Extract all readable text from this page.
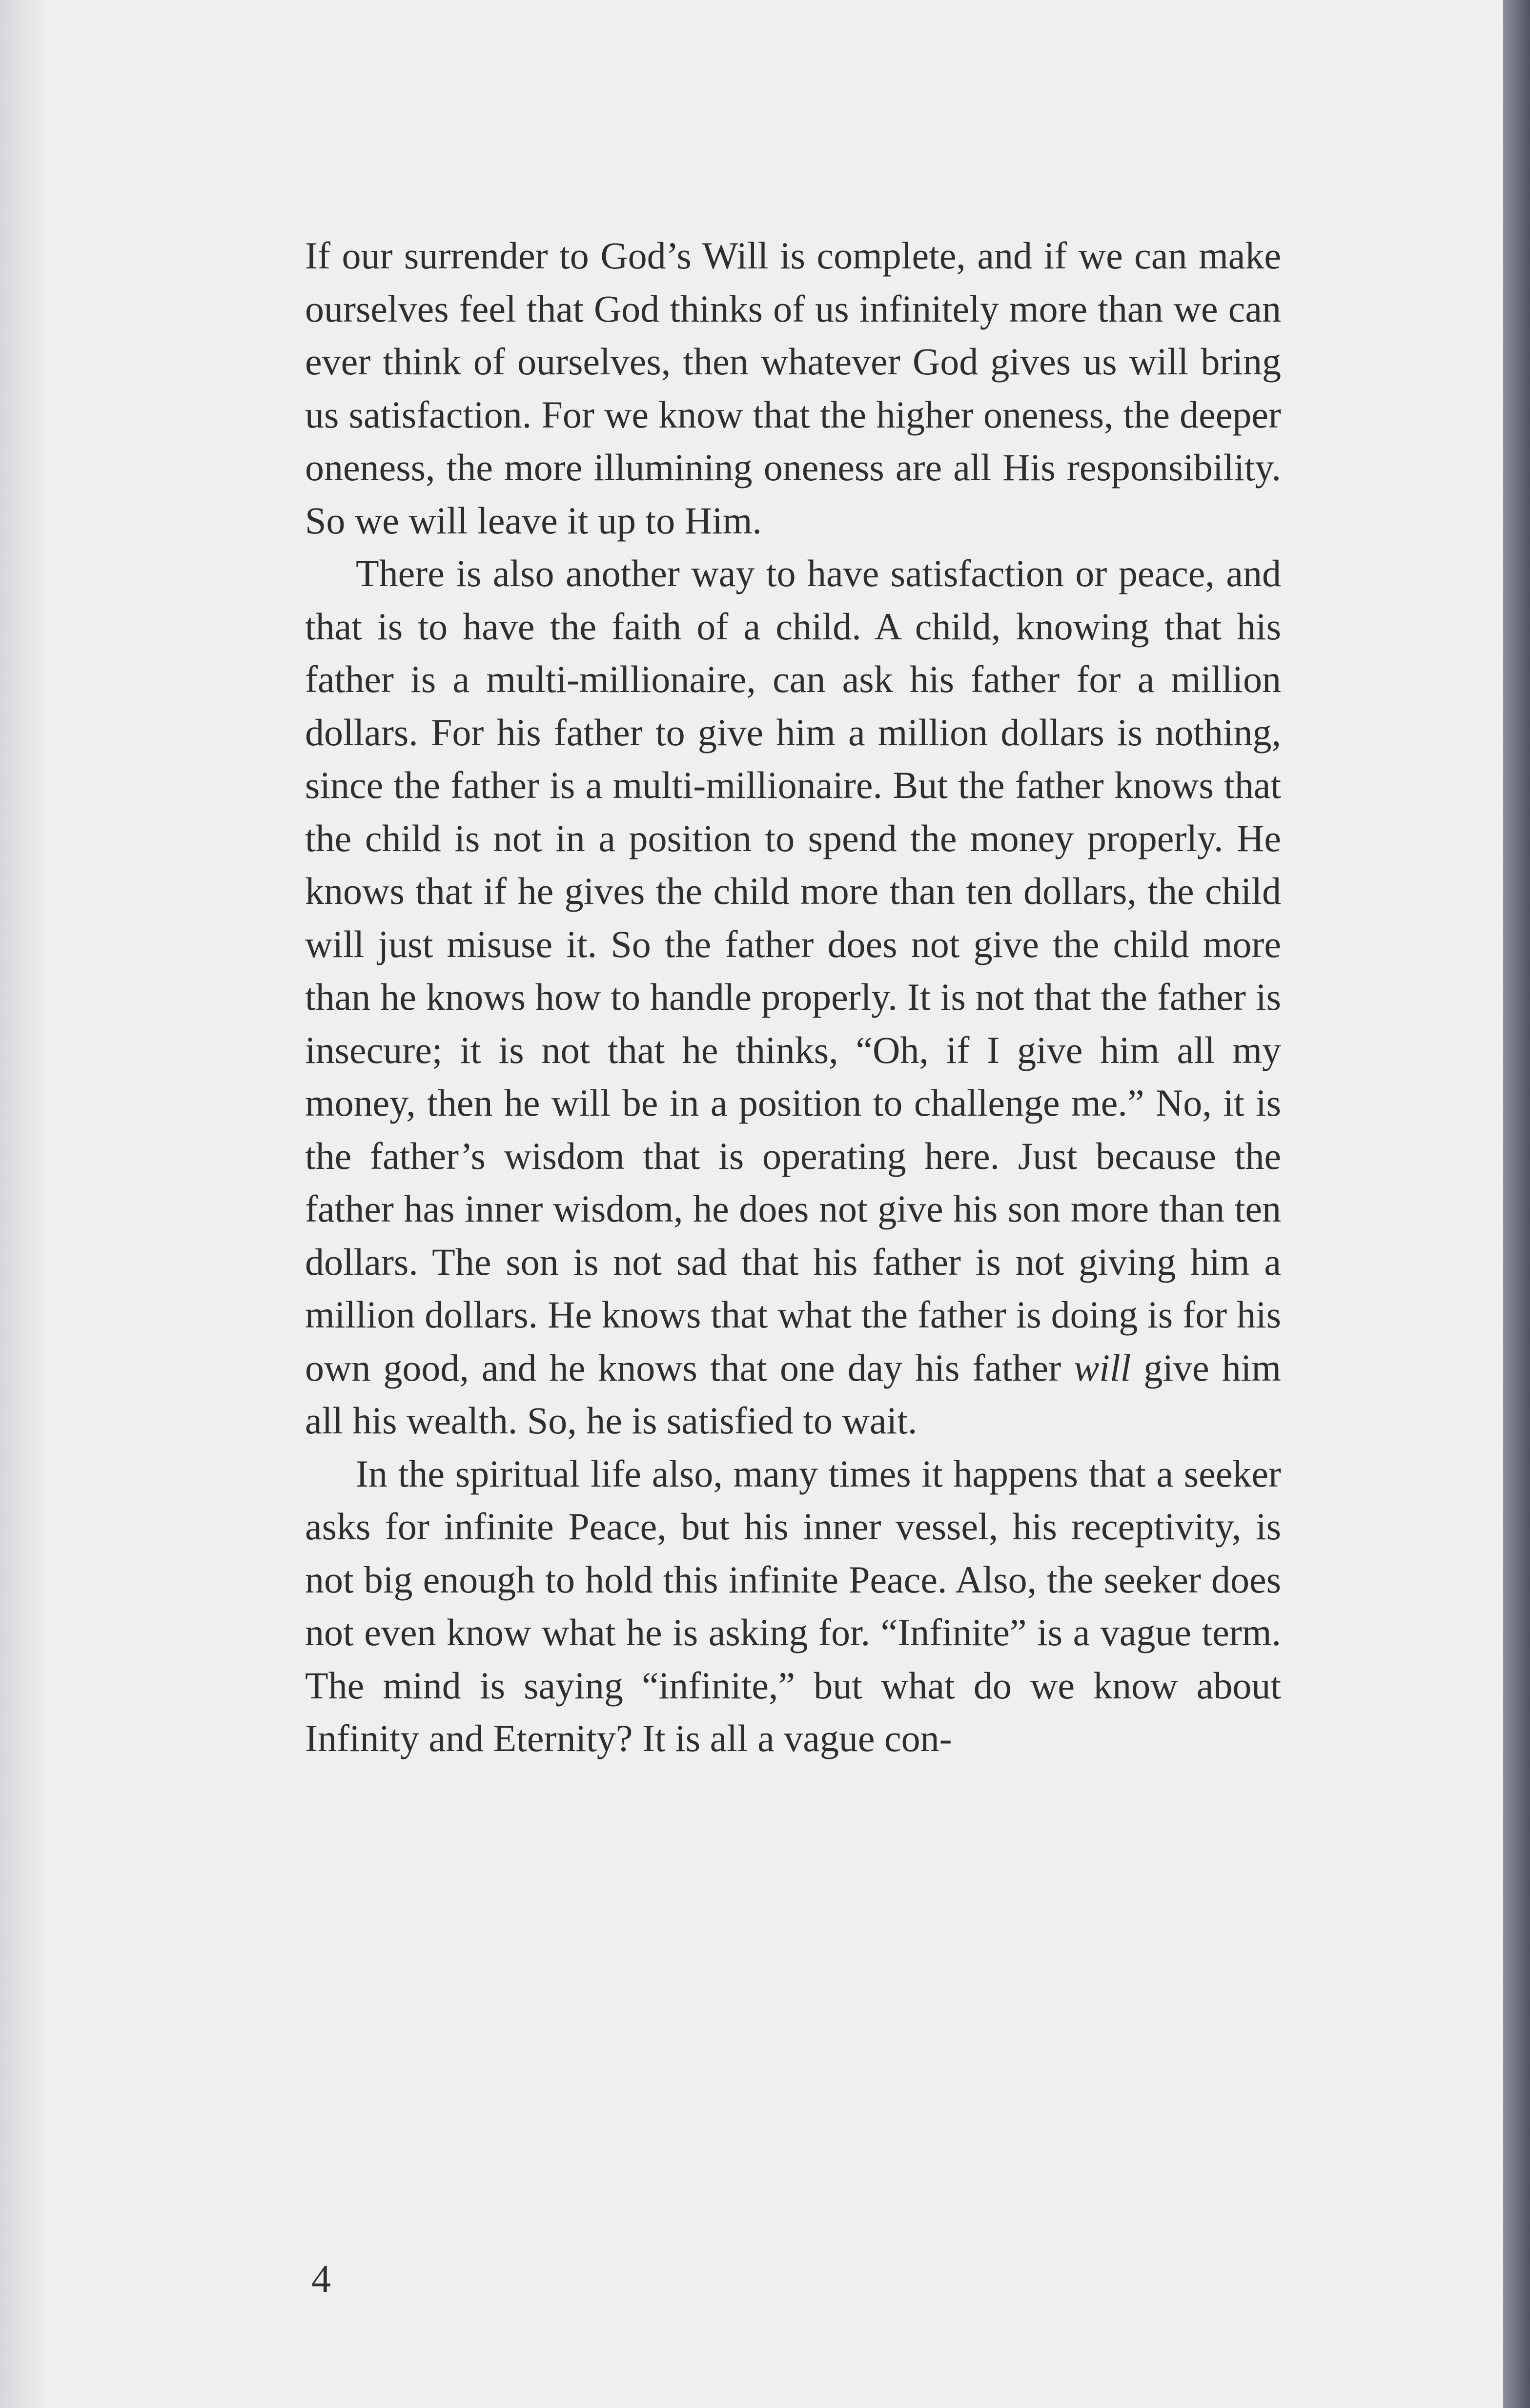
If our surrender to God’s Will is complete, and if we can make ourselves feel that God thinks of us infinitely more than we can ever think of ourselves, then whatever God gives us will bring us satisfaction. For we know that the higher oneness, the deeper oneness, the more illumining oneness are all His responsibility. So we will leave it up to Him.

There is also another way to have satisfaction or peace, and that is to have the faith of a child. A child, knowing that his father is a multi-millionaire, can ask his father for a million dollars. For his father to give him a million dollars is nothing, since the father is a multi-millionaire. But the father knows that the child is not in a position to spend the money properly. He knows that if he gives the child more than ten dollars, the child will just misuse it. So the father does not give the child more than he knows how to handle properly. It is not that the father is insecure; it is not that he thinks, “Oh, if I give him all my money, then he will be in a position to challenge me.” No, it is the father’s wisdom that is operating here. Just because the father has inner wisdom, he does not give his son more than ten dollars. The son is not sad that his father is not giving him a million dollars. He knows that what the father is doing is for his own good, and he knows that one day his father will give him all his wealth. So, he is satisfied to wait.

In the spiritual life also, many times it happens that a seeker asks for infinite Peace, but his inner vessel, his receptivity, is not big enough to hold this infinite Peace. Also, the seeker does not even know what he is asking for. “Infinite” is a vague term. The mind is saying “infinite,” but what do we know about Infinity and Eternity? It is all a vague con-

4
